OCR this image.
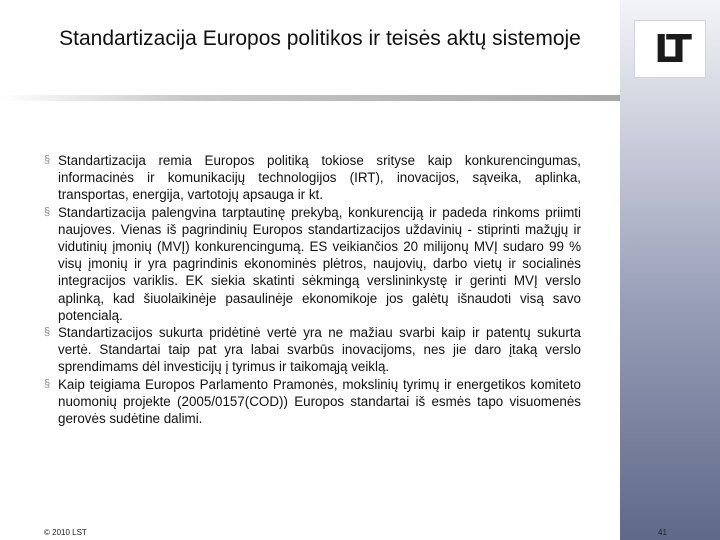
Standartizacija Europos politikos ir teisės aktų sistemoje	LT
§ Standartizacija remia Europos politiką tokiose srityse kaip konkurencingumas, informacinės ir komunikacijų technologijos (IRT), inovacijos, sąveika, aplinka, transportas, energija, vartotojų apsauga ir kt.
§ Standartizacija palengvina tarptautinę prekybą, konkurenciją ir padeda rinkoms priimti naujoves. Vienas iš pagrindinių Europos standartizacijos uždavinių - stiprinti mažųjų ir vidutinių įmonių (MVĮ) konkurencingumą. ES veikiančios 20 milijonų MVĮ sudaro 99 % visų įmonių ir yra pagrindinis ekonominės plėtros, naujovių, darbo vietų ir socialinės integracijos variklis. EK siekia skatinti sėkmingą verslininkystę ir gerinti MVĮ verslo aplinką, kad šiuolaikinėje pasaulinėje ekonomikoje jos galėtų išnaudoti visą savo potencialą.
§ Standartizacijos sukurta pridėtinė vertė yra ne mažiau svarbi kaip ir patentų sukurta vertė. Standartai taip pat yra labai svarbūs inovacijoms, nes jie daro įtaką verslo sprendimams dėl investicijų į tyrimus ir taikomąją veiklą.
§ Kaip teigiama Europos Parlamento Pramonės, mokslinių tyrimų ir energetikos komiteto nuomonių projekte (2005/0157(COD)) Europos standartai iš esmės tapo visuomenės gerovės sudėtine dalimi.
© 2010 LST	41
